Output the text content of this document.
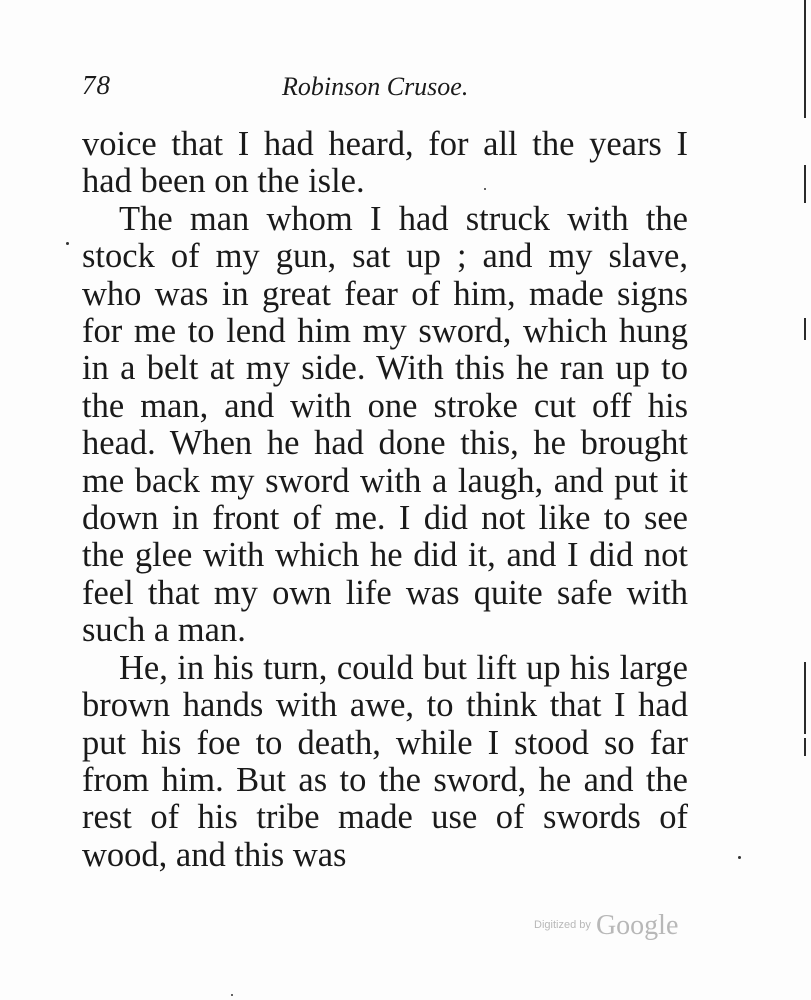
78	Robinson Crusoe.

voice that I had heard, for all the years I had been on the isle.

The man whom I had struck with the stock of my gun, sat up ; and my slave, who was in great fear of him, made signs for me to lend him my sword, which hung in a belt at my side. With this he ran up to the man, and with one stroke cut off his head. When he had done this, he brought me back my sword with a laugh, and put it down in front of me. I did not like to see the glee with which he did it, and I did not feel that my own life was quite safe with such a man.

He, in his turn, could but lift up his large brown hands with awe, to think that I had put his foe to death, while I stood so far from him. But as to the sword, he and the rest of his tribe made use of swords of wood, and this was

$^{Digitized by}$ Google
